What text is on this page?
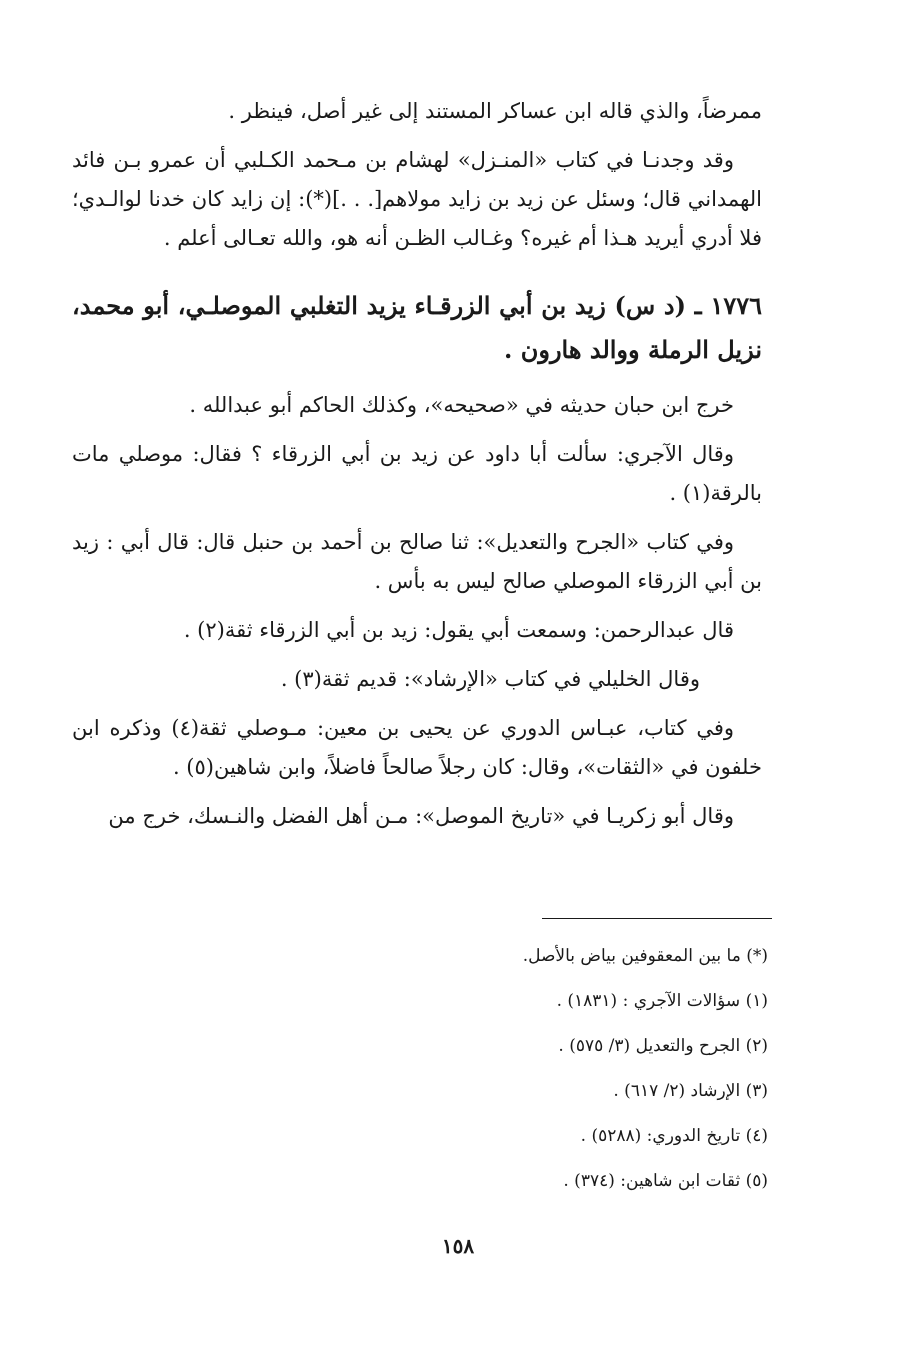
ممرضاً، والذي قاله ابن عساكر المستند إلى غير أصل، فينظر .

وقد وجدنـا في كتاب «المنـزل» لهشام بن مـحمد الكـلبي أن عمرو بـن فائد الهمداني قال؛ وسئل عن زيد بن زايد مولاهم[. . .](*): إن زايد كان خدنا لوالـدي؛ فلا أدري أيريد هـذا أم غيره؟ وغـالب الظـن أنه هو، والله تعـالى أعلم .

١٧٧٦ ـ (د س) زيد بن أبي الزرقـاء يزيد التغلبي الموصلـي، أبو محمد، نزيل الرملة ووالد هارون .

خرج ابن حبان حديثه في «صحيحه»، وكذلك الحاكم أبو عبدالله .

وقال الآجري: سألت أبا داود عن زيد بن أبي الزرقاء ؟ فقال: موصلي مات بالرقة(١) .

وفي كتاب «الجرح والتعديل»: ثنا صالح بن أحمد بن حنبل قال: قال أبي : زيد بن أبي الزرقاء الموصلي صالح ليس به بأس .

قال عبدالرحمن: وسمعت أبي يقول: زيد بن أبي الزرقاء ثقة(٢) .

وقال الخليلي في كتاب «الإرشاد»: قديم ثقة(٣) .

وفي كتاب، عبـاس الدوري عن يحيى بن معين: مـوصلي ثقة(٤) وذكره ابن خلفون في «الثقات»، وقال: كان رجلاً صالحاً فاضلاً، وابن شاهين(٥) .

وقال أبو زكريـا في «تاريخ الموصل»: مـن أهل الفضل والنـسك، خرج من

(*) ما بين المعقوفين بياض بالأصل.

(١) سؤالات الآجري : (١٨٣١) .

(٢) الجرح والتعديل (٣/ ٥٧٥) .

(٣) الإرشاد (٢/ ٦١٧) .

(٤) تاريخ الدوري: (٥٢٨٨) .

(٥) ثقات ابن شاهين: (٣٧٤) .

١٥٨
